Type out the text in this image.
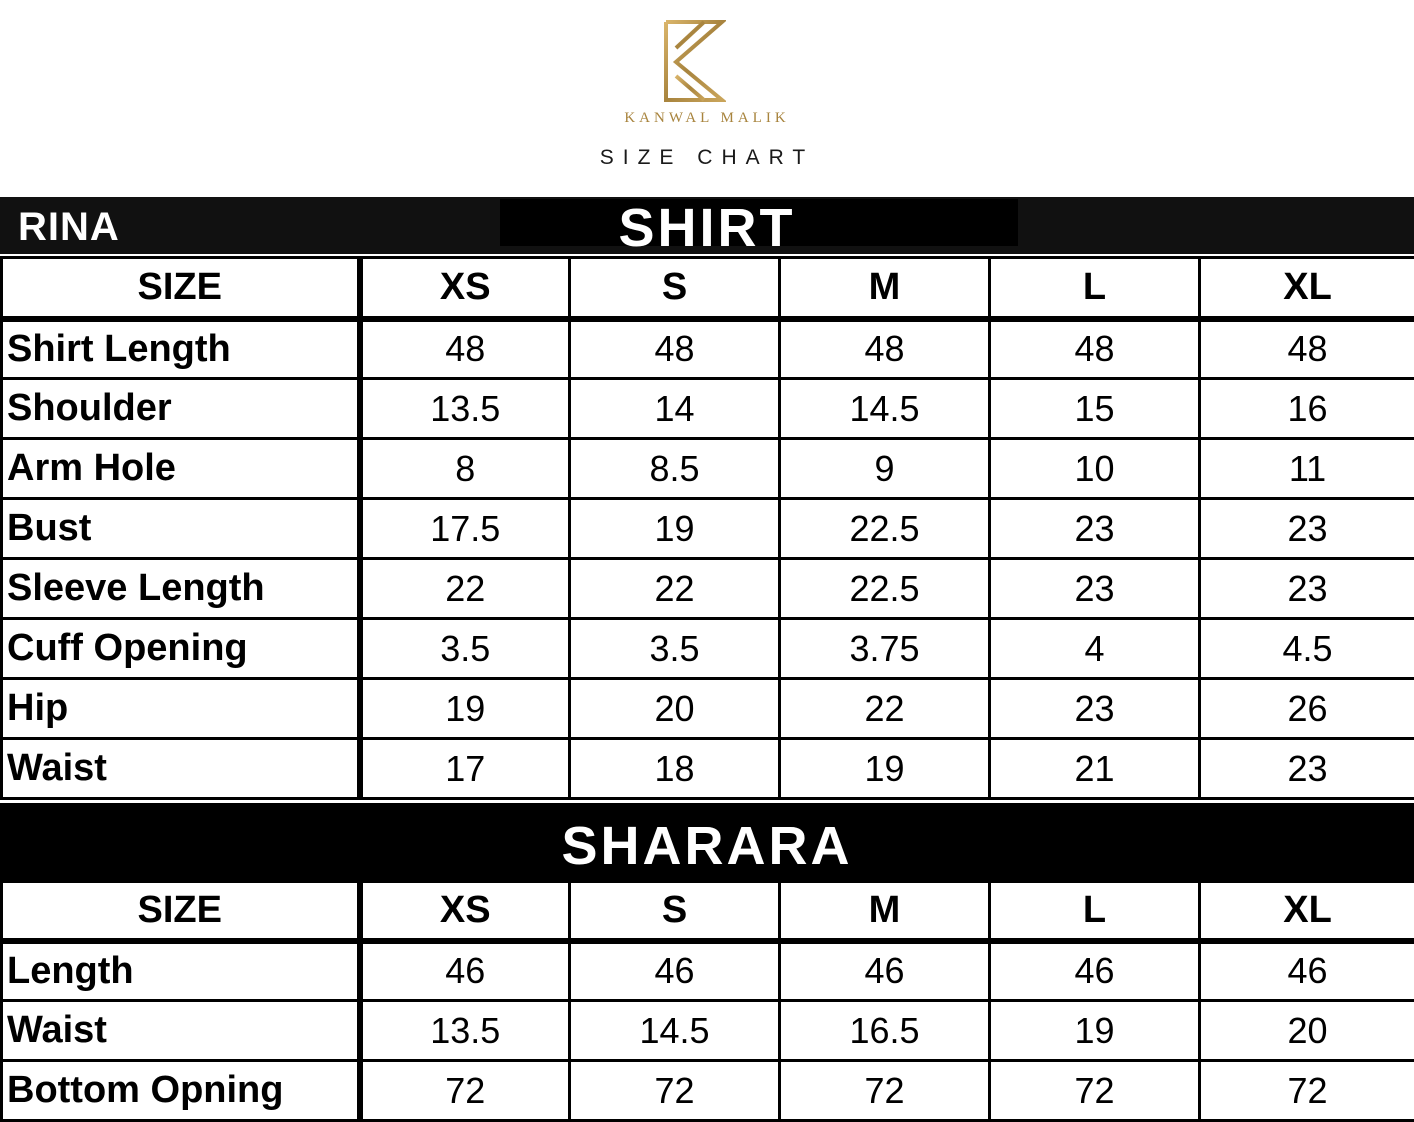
KANWAL MALIK
SIZE CHART
RINA	SHIRT
SIZE	XS	S	M	L	XL
Shirt Length	48	48	48	48	48
Shoulder	13.5	14	14.5	15	16
Arm Hole	8	8.5	9	10	11
Bust	17.5	19	22.5	23	23
Sleeve Length	22	22	22.5	23	23
Cuff Opening	3.5	3.5	3.75	4	4.5
Hip	19	20	22	23	26
Waist	17	18	19	21	23
SHARARA
SIZE	XS	S	M	L	XL
Length	46	46	46	46	46
Waist	13.5	14.5	16.5	19	20
Bottom Opning	72	72	72	72	72
